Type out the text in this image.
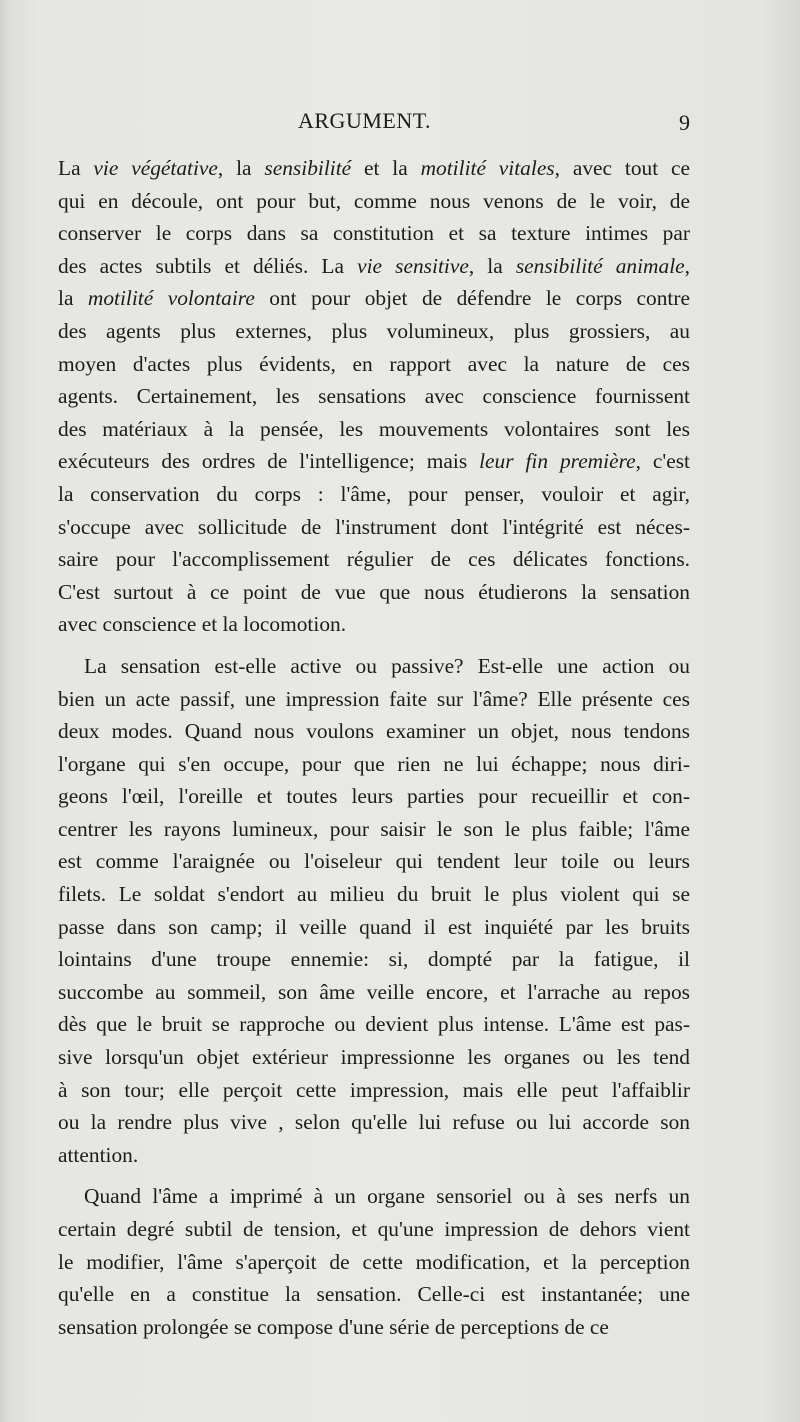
ARGUMENT.	9
La vie végétative, la sensibilité et la motilité vitales, avec tout ce
qui en découle, ont pour but, comme nous venons de le voir, de
conserver le corps dans sa constitution et sa texture intimes par
des actes subtils et déliés. La vie sensitive, la sensibilité animale,
la motilité volontaire ont pour objet de défendre le corps contre
des agents plus externes, plus volumineux, plus grossiers, au
moyen d'actes plus évidents, en rapport avec la nature de ces
agents. Certainement, les sensations avec conscience fournissent
des matériaux à la pensée, les mouvements volontaires sont les
exécuteurs des ordres de l'intelligence; mais leur fin première, c'est
la conservation du corps : l'âme, pour penser, vouloir et agir,
s'occupe avec sollicitude de l'instrument dont l'intégrité est néces-
saire pour l'accomplissement régulier de ces délicates fonctions.
C'est surtout à ce point de vue que nous étudierons la sensation
avec conscience et la locomotion.
La sensation est-elle active ou passive? Est-elle une action ou
bien un acte passif, une impression faite sur l'âme? Elle présente ces
deux modes. Quand nous voulons examiner un objet, nous tendons
l'organe qui s'en occupe, pour que rien ne lui échappe; nous diri-
geons l'œil, l'oreille et toutes leurs parties pour recueillir et con-
centrer les rayons lumineux, pour saisir le son le plus faible; l'âme
est comme l'araignée ou l'oiseleur qui tendent leur toile ou leurs
filets. Le soldat s'endort au milieu du bruit le plus violent qui se
passe dans son camp; il veille quand il est inquiété par les bruits
lointains d'une troupe ennemie: si, dompté par la fatigue, il
succombe au sommeil, son âme veille encore, et l'arrache au repos
dès que le bruit se rapproche ou devient plus intense. L'âme est pas-
sive lorsqu'un objet extérieur impressionne les organes ou les tend
à son tour; elle perçoit cette impression, mais elle peut l'affaiblir
ou la rendre plus vive , selon qu'elle lui refuse ou lui accorde son
attention.
Quand l'âme a imprimé à un organe sensoriel ou à ses nerfs un
certain degré subtil de tension, et qu'une impression de dehors vient
le modifier, l'âme s'aperçoit de cette modification, et la perception
qu'elle en a constitue la sensation. Celle-ci est instantanée; une
sensation prolongée se compose d'une série de perceptions de ce
